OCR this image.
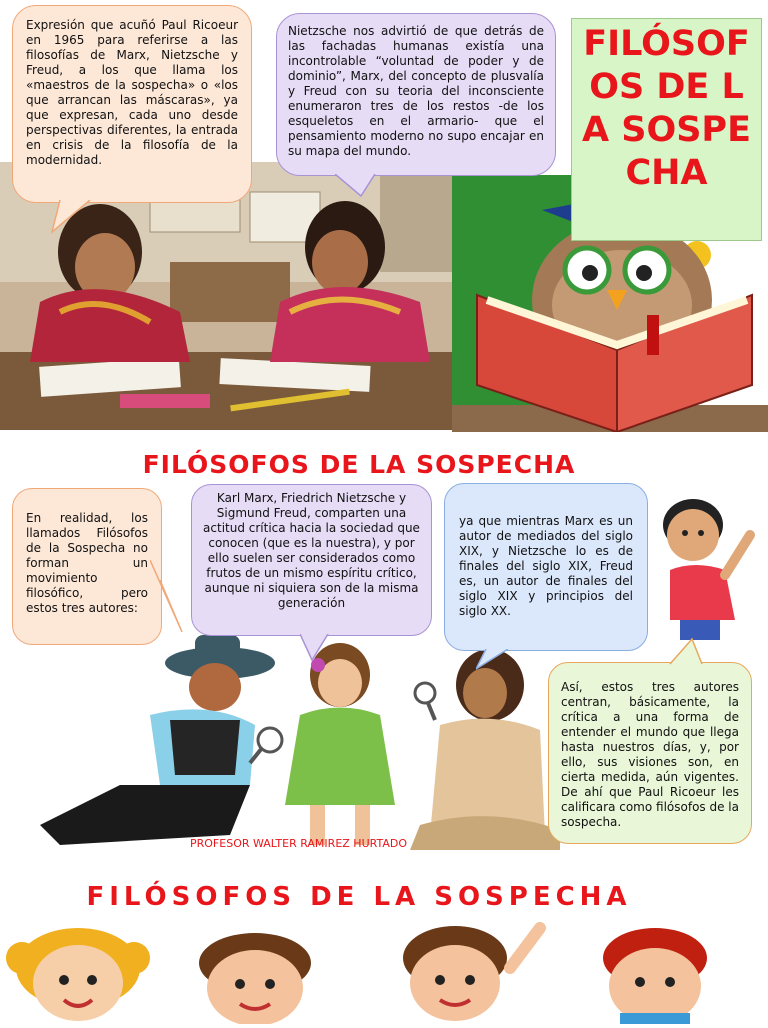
Expresión que acuñó Paul Ricoeur en 1965 para referirse a las filosofías de Marx, Nietzsche y Freud, a los que llama los «maestros de la sospecha» o «los que arrancan las máscaras», ya que expresan, cada uno desde perspectivas diferentes, la entrada en crisis de la filosofía de la modernidad.
Nietzsche nos advirtió de que detrás de las fachadas humanas existía una incontrolable “voluntad de poder y de dominio”, Marx, del concepto de plusvalía y Freud con su teoria del inconsciente enumeraron tres de los restos -de los esqueletos en el armario- que el pensamiento moderno no supo encajar en su mapa del mundo.
FILÓSOFOS DE LA SOSPECHA
FILÓSOFOS DE LA SOSPECHA
En realidad, los llamados Filósofos de la Sospecha no forman un movimiento filosófico, pero estos tres autores:
Karl Marx, Friedrich Nietzsche y Sigmund Freud, comparten una actitud crítica hacia la sociedad que conocen (que es la nuestra), y por ello suelen ser considerados como frutos de un mismo espíritu crítico, aunque ni siquiera son de la misma generación
ya que mientras Marx es un autor de mediados del siglo XIX, y Nietzsche lo es de finales del siglo XIX, Freud es, un autor de finales del siglo XIX y principios del siglo XX.
Así, estos tres autores centran, básicamente, la crítica a una forma de entender el mundo que llega hasta nuestros días, y, por ello, sus visiones son, en cierta medida, aún vigentes. De ahí que Paul Ricoeur les calificara como filósofos de la sospecha.
PROFESOR WALTER RAMIREZ HURTADO
FILÓSOFOS DE LA SOSPECHA
